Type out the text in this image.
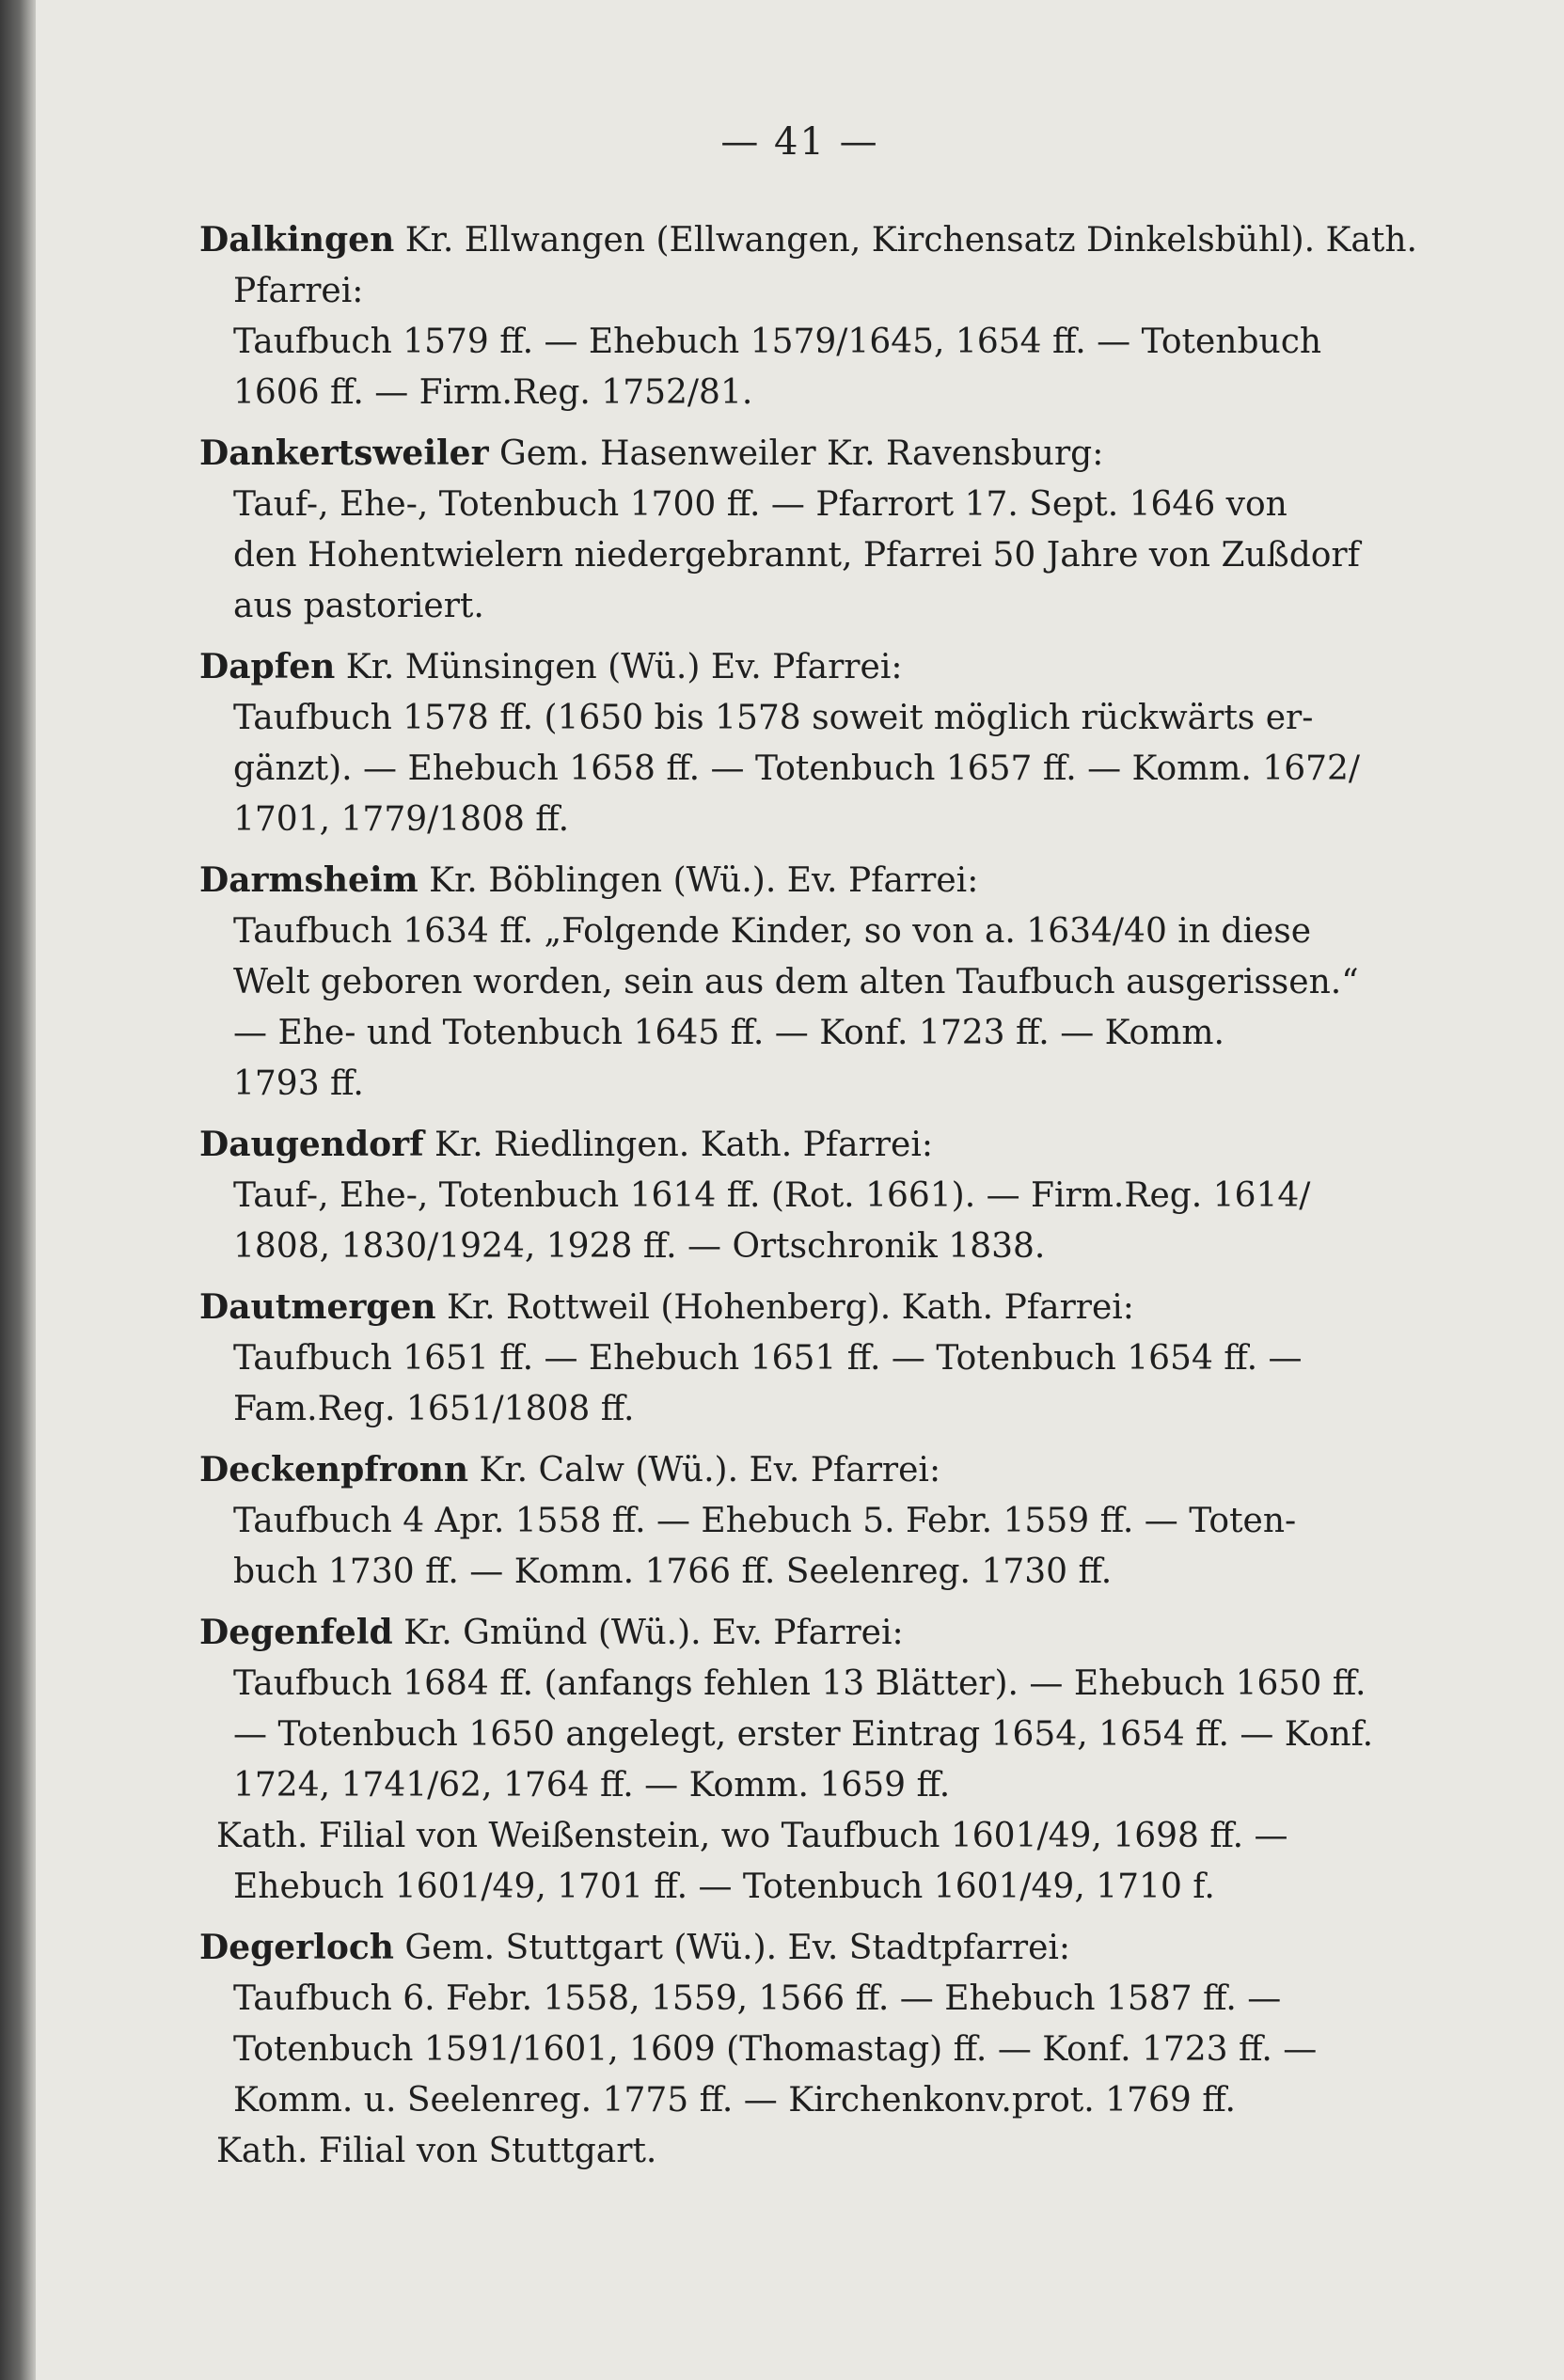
— 41 —
Dalkingen Kr. Ellwangen (Ellwangen, Kirchensatz Dinkelsbühl). Kath.
Pfarrei:
Taufbuch 1579 ff. — Ehebuch 1579/1645, 1654 ff. — Totenbuch
1606 ff. — Firm.Reg. 1752/81.
Dankertsweiler Gem. Hasenweiler Kr. Ravensburg:
Tauf-, Ehe-, Totenbuch 1700 ff. — Pfarrort 17. Sept. 1646 von
den Hohentwielern niedergebrannt, Pfarrei 50 Jahre von Zußdorf
aus pastoriert.
Dapfen Kr. Münsingen (Wü.) Ev. Pfarrei:
Taufbuch 1578 ff. (1650 bis 1578 soweit möglich rückwärts er-
gänzt). — Ehebuch 1658 ff. — Totenbuch 1657 ff. — Komm. 1672/
1701, 1779/1808 ff.
Darmsheim Kr. Böblingen (Wü.). Ev. Pfarrei:
Taufbuch 1634 ff. „Folgende Kinder, so von a. 1634/40 in diese
Welt geboren worden, sein aus dem alten Taufbuch ausgerissen.“
— Ehe- und Totenbuch 1645 ff. — Konf. 1723 ff. — Komm.
1793 ff.
Daugendorf Kr. Riedlingen. Kath. Pfarrei:
Tauf-, Ehe-, Totenbuch 1614 ff. (Rot. 1661). — Firm.Reg. 1614/
1808, 1830/1924, 1928 ff. — Ortschronik 1838.
Dautmergen Kr. Rottweil (Hohenberg). Kath. Pfarrei:
Taufbuch 1651 ff. — Ehebuch 1651 ff. — Totenbuch 1654 ff. —
Fam.Reg. 1651/1808 ff.
Deckenpfronn Kr. Calw (Wü.). Ev. Pfarrei:
Taufbuch 4 Apr. 1558 ff. — Ehebuch 5. Febr. 1559 ff. — Toten-
buch 1730 ff. — Komm. 1766 ff. Seelenreg. 1730 ff.
Degenfeld Kr. Gmünd (Wü.). Ev. Pfarrei:
Taufbuch 1684 ff. (anfangs fehlen 13 Blätter). — Ehebuch 1650 ff.
— Totenbuch 1650 angelegt, erster Eintrag 1654, 1654 ff. — Konf.
1724, 1741/62, 1764 ff. — Komm. 1659 ff.
Kath. Filial von Weißenstein, wo Taufbuch 1601/49, 1698 ff. —
Ehebuch 1601/49, 1701 ff. — Totenbuch 1601/49, 1710 f.
Degerloch Gem. Stuttgart (Wü.). Ev. Stadtpfarrei:
Taufbuch 6. Febr. 1558, 1559, 1566 ff. — Ehebuch 1587 ff. —
Totenbuch 1591/1601, 1609 (Thomastag) ff. — Konf. 1723 ff. —
Komm. u. Seelenreg. 1775 ff. — Kirchenkonv.prot. 1769 ff.
Kath. Filial von Stuttgart.
